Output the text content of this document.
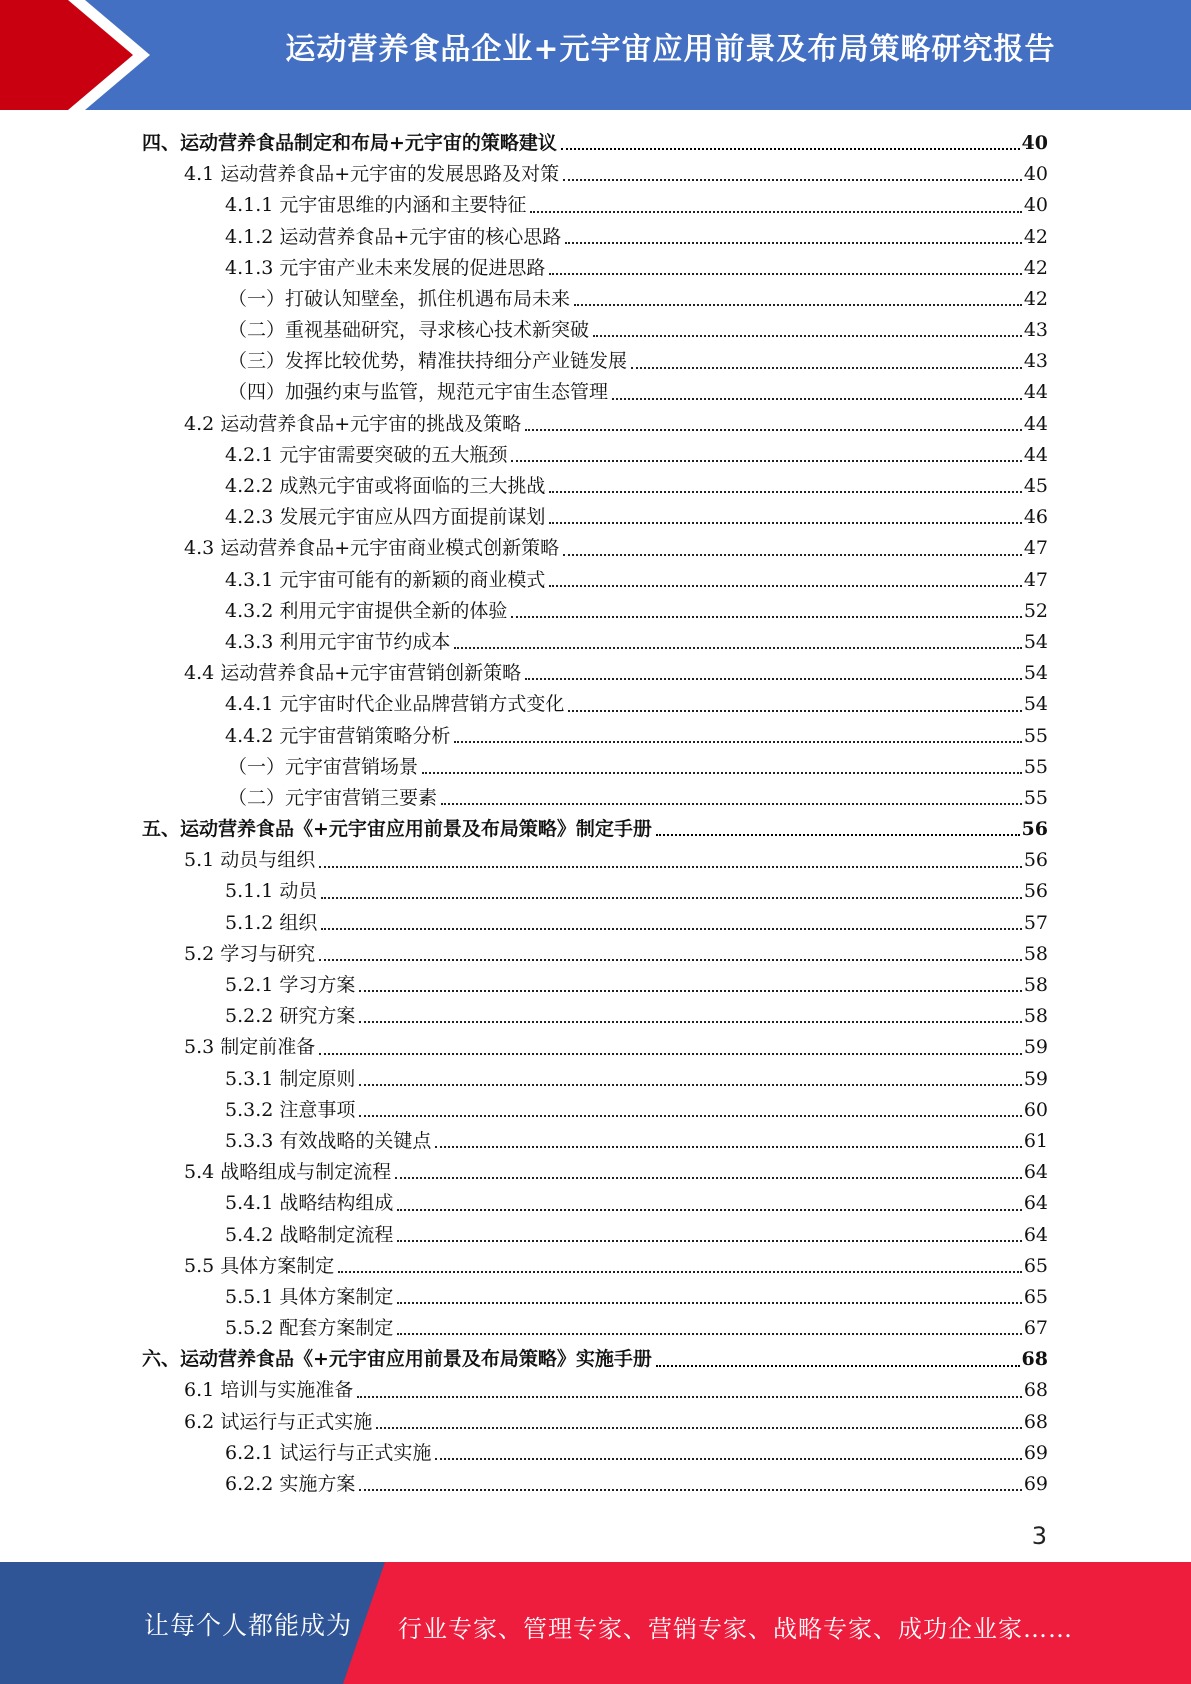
运动营养食品企业+元宇宙应用前景及布局策略研究报告
四、运动营养食品制定和布局+元宇宙的策略建议	40
4.1 运动营养食品+元宇宙的发展思路及对策	40
4.1.1 元宇宙思维的内涵和主要特征	40
4.1.2 运动营养食品+元宇宙的核心思路	42
4.1.3 元宇宙产业未来发展的促进思路	42
（一）打破认知壁垒，抓住机遇布局未来	42
（二）重视基础研究，寻求核心技术新突破	43
（三）发挥比较优势，精准扶持细分产业链发展	43
（四）加强约束与监管，规范元宇宙生态管理	44
4.2 运动营养食品+元宇宙的挑战及策略	44
4.2.1 元宇宙需要突破的五大瓶颈	44
4.2.2 成熟元宇宙或将面临的三大挑战	45
4.2.3 发展元宇宙应从四方面提前谋划	46
4.3 运动营养食品+元宇宙商业模式创新策略	47
4.3.1 元宇宙可能有的新颖的商业模式	47
4.3.2 利用元宇宙提供全新的体验	52
4.3.3 利用元宇宙节约成本	54
4.4 运动营养食品+元宇宙营销创新策略	54
4.4.1 元宇宙时代企业品牌营销方式变化	54
4.4.2 元宇宙营销策略分析	55
（一）元宇宙营销场景	55
（二）元宇宙营销三要素	55
五、运动营养食品《+元宇宙应用前景及布局策略》制定手册	56
5.1 动员与组织	56
5.1.1 动员	56
5.1.2 组织	57
5.2 学习与研究	58
5.2.1 学习方案	58
5.2.2 研究方案	58
5.3 制定前准备	59
5.3.1 制定原则	59
5.3.2 注意事项	60
5.3.3 有效战略的关键点	61
5.4 战略组成与制定流程	64
5.4.1 战略结构组成	64
5.4.2 战略制定流程	64
5.5 具体方案制定	65
5.5.1 具体方案制定	65
5.5.2 配套方案制定	67
六、运动营养食品《+元宇宙应用前景及布局策略》实施手册	68
6.1 培训与实施准备	68
6.2 试运行与正式实施	68
6.2.1 试运行与正式实施	69
6.2.2 实施方案	69
3
让每个人都能成为 行业专家、管理专家、营销专家、战略专家、成功企业家……
